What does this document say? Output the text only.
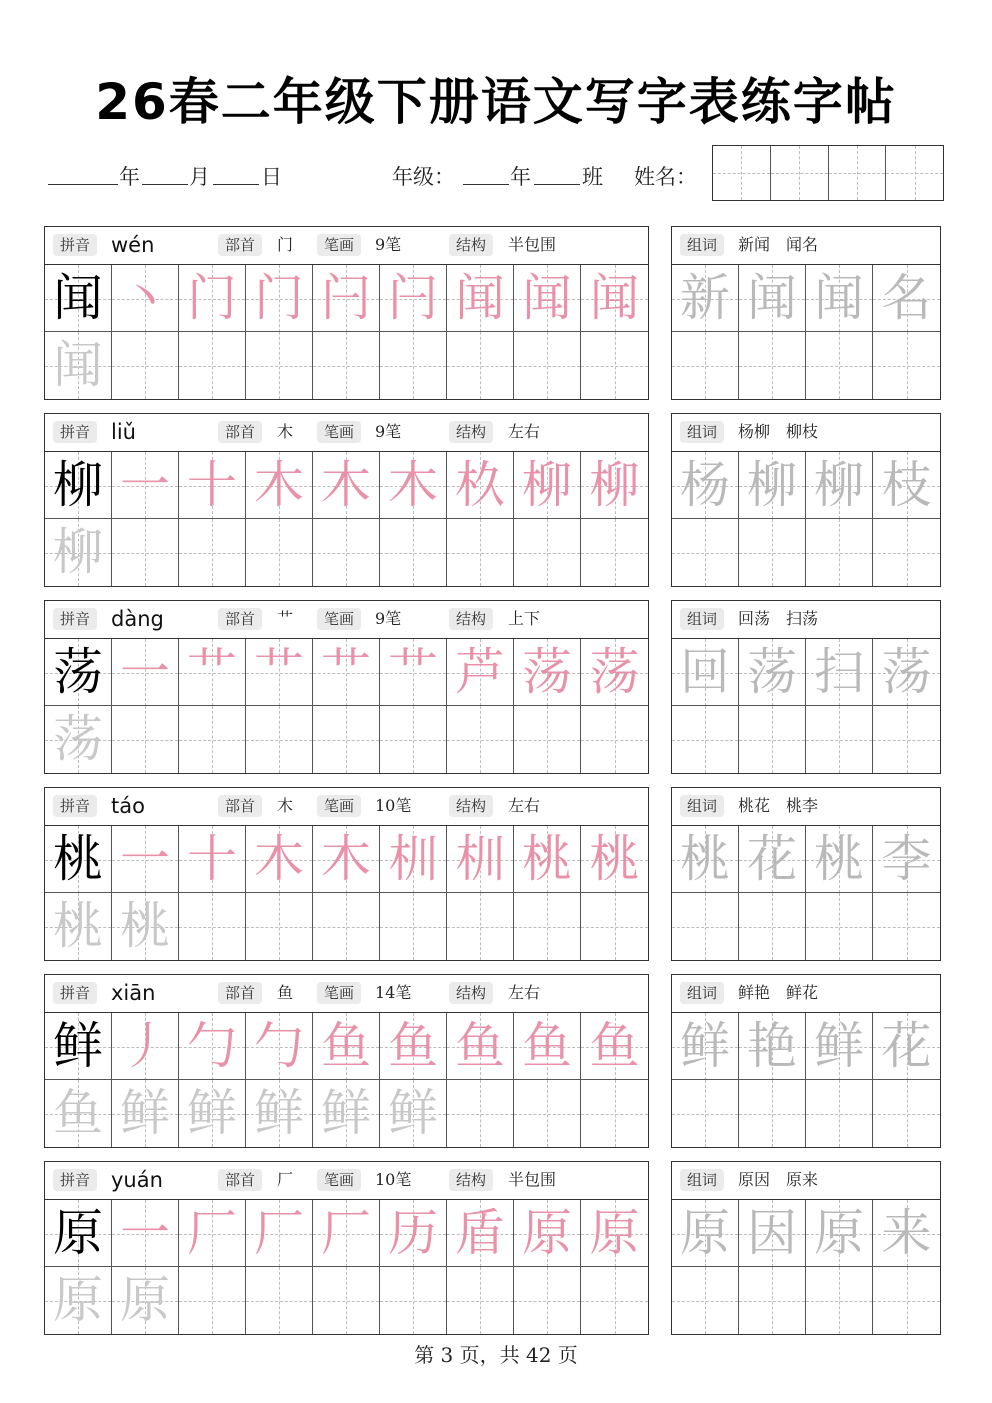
26春二年级下册语文写字表练字帖
年 月 日	年级：	年 班 姓名：
拼音 wén	部首	门	笔画	9笔	结构	半包围
闻 丶 门 门 闩 闩 闻 闻 闻
闻
组词	新闻　闻名
新 闻 闻 名
拼音 liǔ	部首	木	笔画	9笔	结构	左右
柳 一 十 木 木 木 杦 柳 柳
柳
组词	杨柳　柳枝
杨 柳 柳 枝
拼音 dàng	部首	艹	笔画	9笔	结构	上下
荡 一 艹 艹 艹 艹 芦 荡 荡
荡
组词	回荡　扫荡
回 荡 扫 荡
拼音 táo	部首	木	笔画	10笔	结构	左右
桃 一 十 木 木 杊 杊 桃 桃
桃 桃
组词	桃花　桃李
桃 花 桃 李
拼音 xiān	部首	鱼	笔画	14笔	结构	左右
鲜 丿 勹 勹 鱼 鱼 鱼 鱼 鱼
鱼 鲜 鲜 鲜 鲜 鲜
组词	鲜艳　鲜花
鲜 艳 鲜 花
拼音 yuán	部首	厂	笔画	10笔	结构	半包围
原 一 厂 厂 厂 历 盾 原 原
原 原
组词	原因　原来
原 因 原 来
第 3 页，共 42 页
